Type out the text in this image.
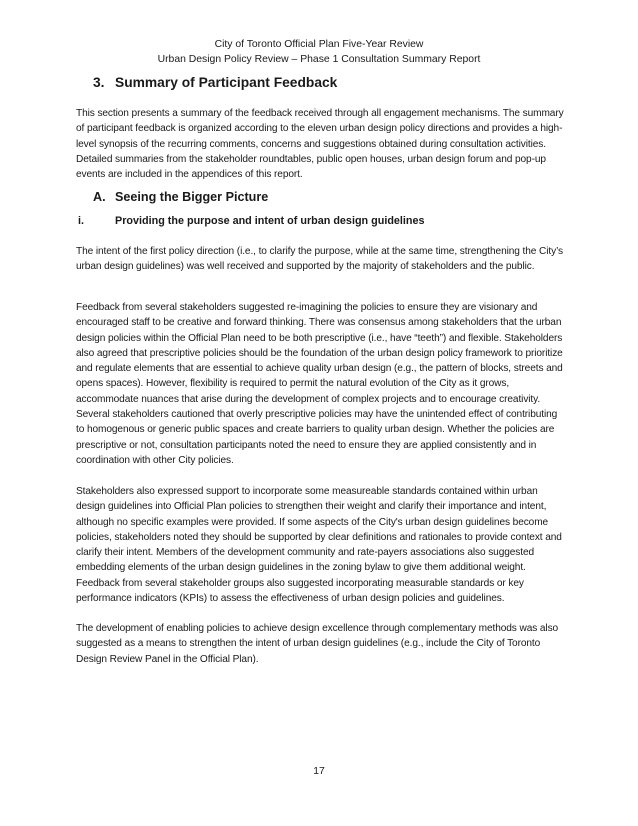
City of Toronto Official Plan Five-Year Review
Urban Design Policy Review – Phase 1 Consultation Summary Report
3. Summary of Participant Feedback

This section presents a summary of the feedback received through all engagement mechanisms. The summary of participant feedback is organized according to the eleven urban design policy directions and provides a high-level synopsis of the recurring comments, concerns and suggestions obtained during consultation activities. Detailed summaries from the stakeholder roundtables, public open houses, urban design forum and pop-up events are included in the appendices of this report.

A. Seeing the Bigger Picture
i.	Providing the purpose and intent of urban design guidelines

The intent of the first policy direction (i.e., to clarify the purpose, while at the same time, strengthening the City’s urban design guidelines) was well received and supported by the majority of stakeholders and the public.

Feedback from several stakeholders suggested re-imagining the policies to ensure they are visionary and encouraged staff to be creative and forward thinking. There was consensus among stakeholders that the urban design policies within the Official Plan need to be both prescriptive (i.e., have “teeth”) and flexible. Stakeholders also agreed that prescriptive policies should be the foundation of the urban design policy framework to prioritize and regulate elements that are essential to achieve quality urban design (e.g., the pattern of blocks, streets and opens spaces). However, flexibility is required to permit the natural evolution of the City as it grows, accommodate nuances that arise during the development of complex projects and to encourage creativity. Several stakeholders cautioned that overly prescriptive policies may have the unintended effect of contributing to homogenous or generic public spaces and create barriers to quality urban design. Whether the policies are prescriptive or not, consultation participants noted the need to ensure they are applied consistently and in coordination with other City policies.

Stakeholders also expressed support to incorporate some measureable standards contained within urban design guidelines into Official Plan policies to strengthen their weight and clarify their importance and intent, although no specific examples were provided. If some aspects of the City's urban design guidelines become policies, stakeholders noted they should be supported by clear definitions and rationales to provide context and clarify their intent. Members of the development community and rate-payers associations also suggested embedding elements of the urban design guidelines in the zoning bylaw to give them additional weight. Feedback from several stakeholder groups also suggested incorporating measurable standards or key performance indicators (KPIs) to assess the effectiveness of urban design policies and guidelines.

The development of enabling policies to achieve design excellence through complementary methods was also suggested as a means to strengthen the intent of urban design guidelines (e.g., include the City of Toronto Design Review Panel in the Official Plan).

17
